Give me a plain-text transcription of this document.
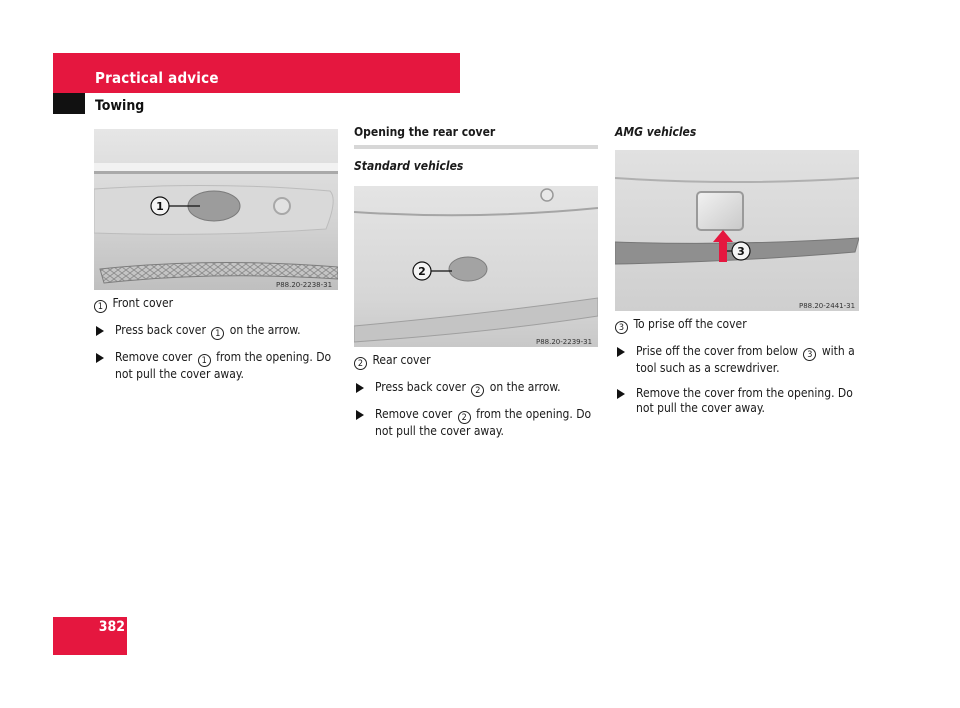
Practical advice
Towing
1
P88.20-2238-31

1 Front cover

Press back cover 1 on the arrow.

Remove cover 1 from the opening. Do not pull the cover away.

Opening the rear cover

Standard vehicles

2
P88.20-2239-31

2 Rear cover

Press back cover 2 on the arrow.

Remove cover 2 from the opening. Do not pull the cover away.

AMG vehicles

3
P88.20-2441-31

3 To prise off the cover

Prise off the cover from below 3 with a tool such as a screwdriver.

Remove the cover from the opening. Do not pull the cover away.

382
